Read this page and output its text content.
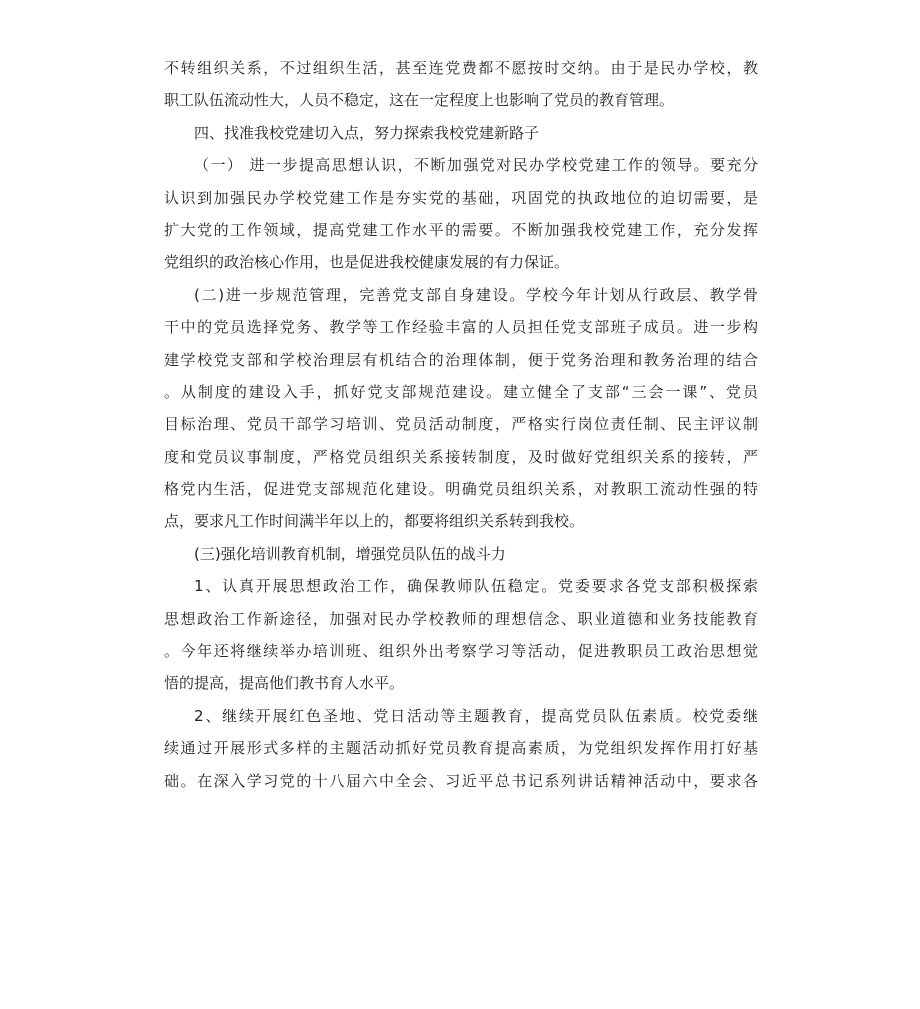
不转组织关系，不过组织生活，甚至连党费都不愿按时交纳。由于是民办学校，教
职工队伍流动性大，人员不稳定，这在一定程度上也影响了党员的教育管理。
四、找准我校党建切入点，努力探索我校党建新路子
（一） 进一步提高思想认识，不断加强党对民办学校党建工作的领导。要充分
认识到加强民办学校党建工作是夯实党的基础，巩固党的执政地位的迫切需要，是
扩大党的工作领域，提高党建工作水平的需要。不断加强我校党建工作，充分发挥
党组织的政治核心作用，也是促进我校健康发展的有力保证。
(二)进一步规范管理，完善党支部自身建设。学校今年计划从行政层、教学骨
干中的党员选择党务、教学等工作经验丰富的人员担任党支部班子成员。进一步构
建学校党支部和学校治理层有机结合的治理体制，便于党务治理和教务治理的结合
。从制度的建设入手，抓好党支部规范建设。建立健全了支部“三会一课”、党员
目标治理、党员干部学习培训、党员活动制度，严格实行岗位责任制、民主评议制
度和党员议事制度，严格党员组织关系接转制度，及时做好党组织关系的接转，严
格党内生活，促进党支部规范化建设。明确党员组织关系，对教职工流动性强的特
点，要求凡工作时间满半年以上的，都要将组织关系转到我校。
(三)强化培训教育机制，增强党员队伍的战斗力
1、认真开展思想政治工作，确保教师队伍稳定。党委要求各党支部积极探索
思想政治工作新途径，加强对民办学校教师的理想信念、职业道德和业务技能教育
。今年还将继续举办培训班、组织外出考察学习等活动，促进教职员工政治思想觉
悟的提高，提高他们教书育人水平。
2、继续开展红色圣地、党日活动等主题教育，提高党员队伍素质。校党委继
续通过开展形式多样的主题活动抓好党员教育提高素质，为党组织发挥作用打好基
础。在深入学习党的十八届六中全会、习近平总书记系列讲话精神活动中，要求各
